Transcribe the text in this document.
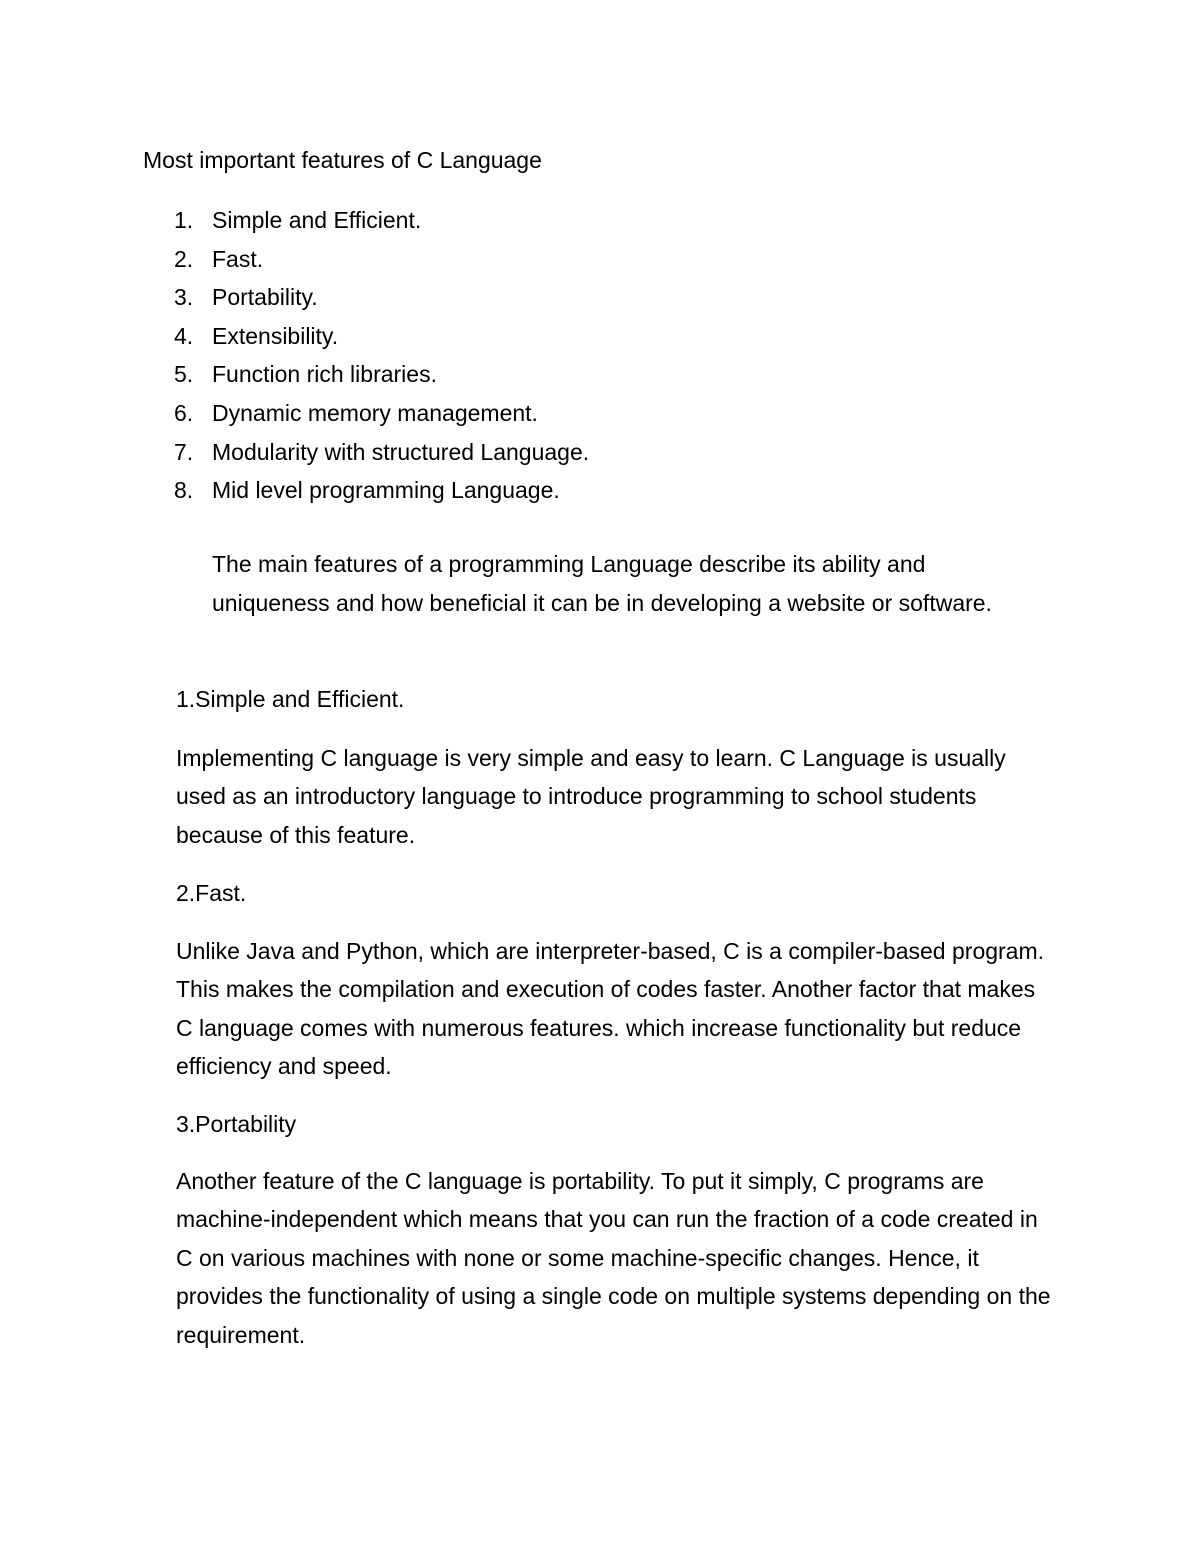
Most important features of C Language
1. Simple and Efficient.
2. Fast.
3. Portability.
4. Extensibility.
5. Function rich libraries.
6. Dynamic memory management.
7. Modularity with structured Language.
8. Mid level programming Language.

The main features of a programming Language describe its ability and uniqueness and how beneficial it can be in developing a website or software.

1.Simple and Efficient.

Implementing C language is very simple and easy to learn. C Language is usually used as an introductory language to introduce programming to school students because of this feature.

2.Fast.

Unlike Java and Python, which are interpreter-based, C is a compiler-based program. This makes the compilation and execution of codes faster. Another factor that makes C language comes with numerous features. which increase functionality but reduce efficiency and speed.

3.Portability

Another feature of the C language is portability. To put it simply, C programs are machine-independent which means that you can run the fraction of a code created in C on various machines with none or some machine-specific changes. Hence, it provides the functionality of using a single code on multiple systems depending on the requirement.
